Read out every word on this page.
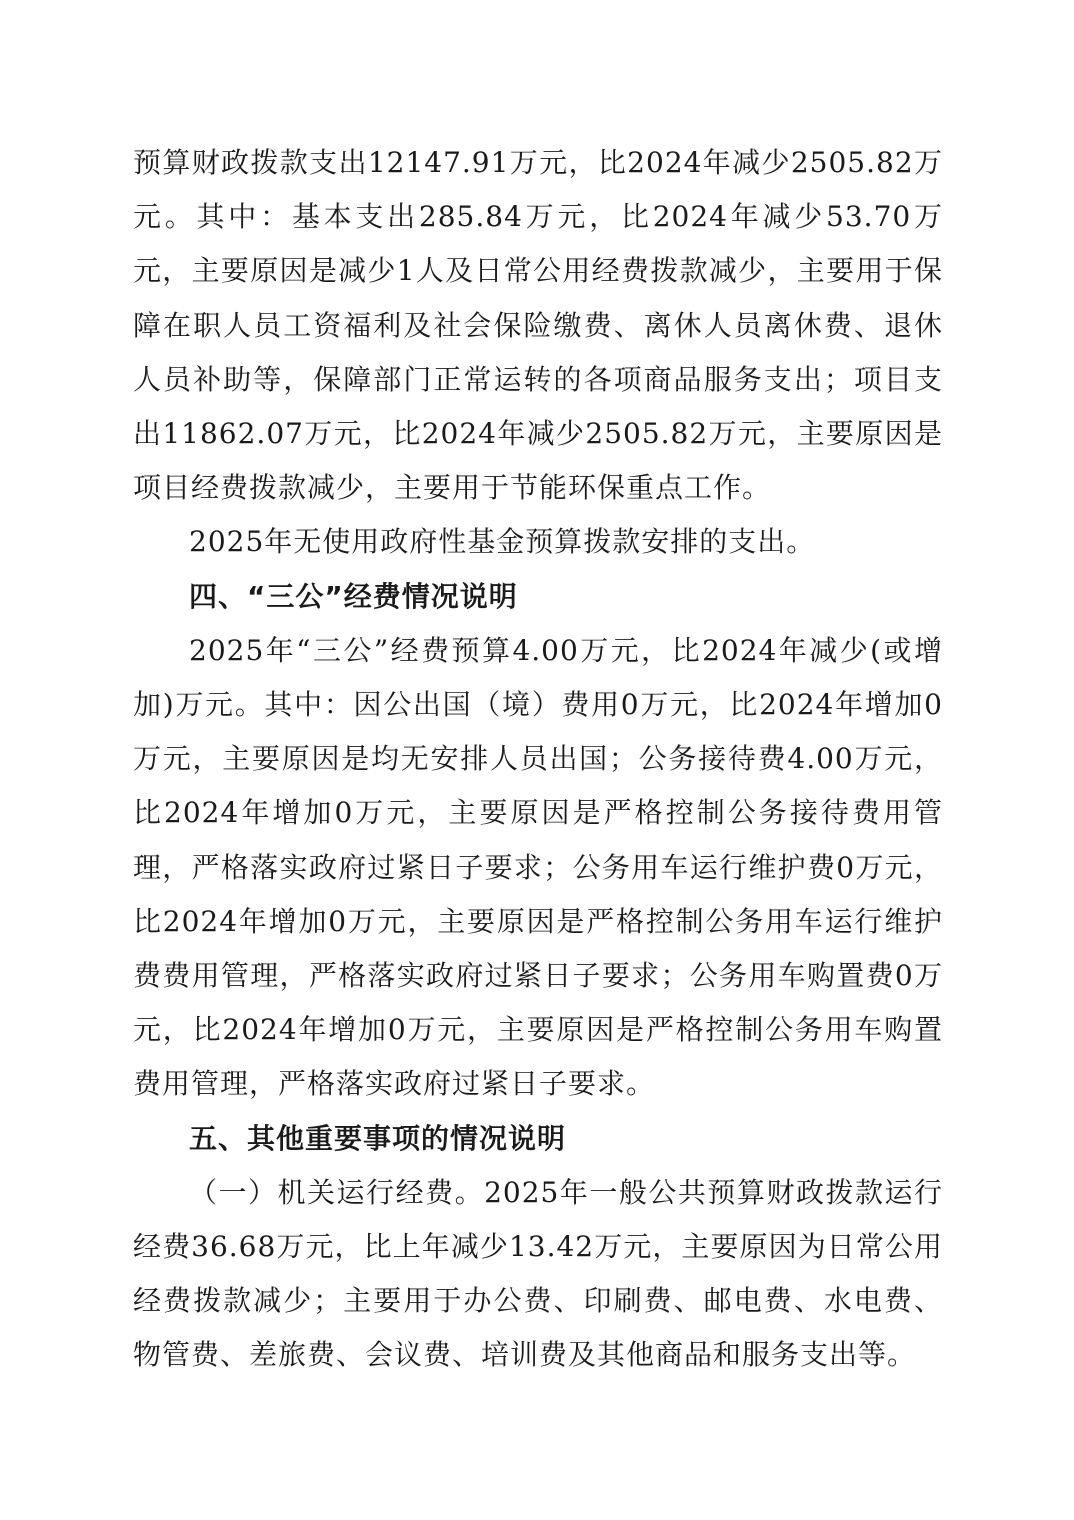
预算财政拨款支出12147.91万元，比2024年减少2505.82万元。其中：基本支出285.84万元，比2024年减少53.70万元，主要原因是减少1人及日常公用经费拨款减少，主要用于保障在职人员工资福利及社会保险缴费、离休人员离休费、退休人员补助等，保障部门正常运转的各项商品服务支出；项目支出11862.07万元，比2024年减少2505.82万元，主要原因是项目经费拨款减少，主要用于节能环保重点工作。

2025年无使用政府性基金预算拨款安排的支出。

四、“三公”经费情况说明

2025年“三公”经费预算4.00万元，比2024年减少(或增加)万元。其中：因公出国（境）费用0万元，比2024年增加0万元，主要原因是均无安排人员出国；公务接待费4.00万元，比2024年增加0万元，主要原因是严格控制公务接待费用管理，严格落实政府过紧日子要求；公务用车运行维护费0万元，比2024年增加0万元，主要原因是严格控制公务用车运行维护费费用管理，严格落实政府过紧日子要求；公务用车购置费0万元，比2024年增加0万元，主要原因是严格控制公务用车购置费用管理，严格落实政府过紧日子要求。

五、其他重要事项的情况说明

（一）机关运行经费。2025年一般公共预算财政拨款运行经费36.68万元，比上年减少13.42万元，主要原因为日常公用经费拨款减少；主要用于办公费、印刷费、邮电费、水电费、物管费、差旅费、会议费、培训费及其他商品和服务支出等。
